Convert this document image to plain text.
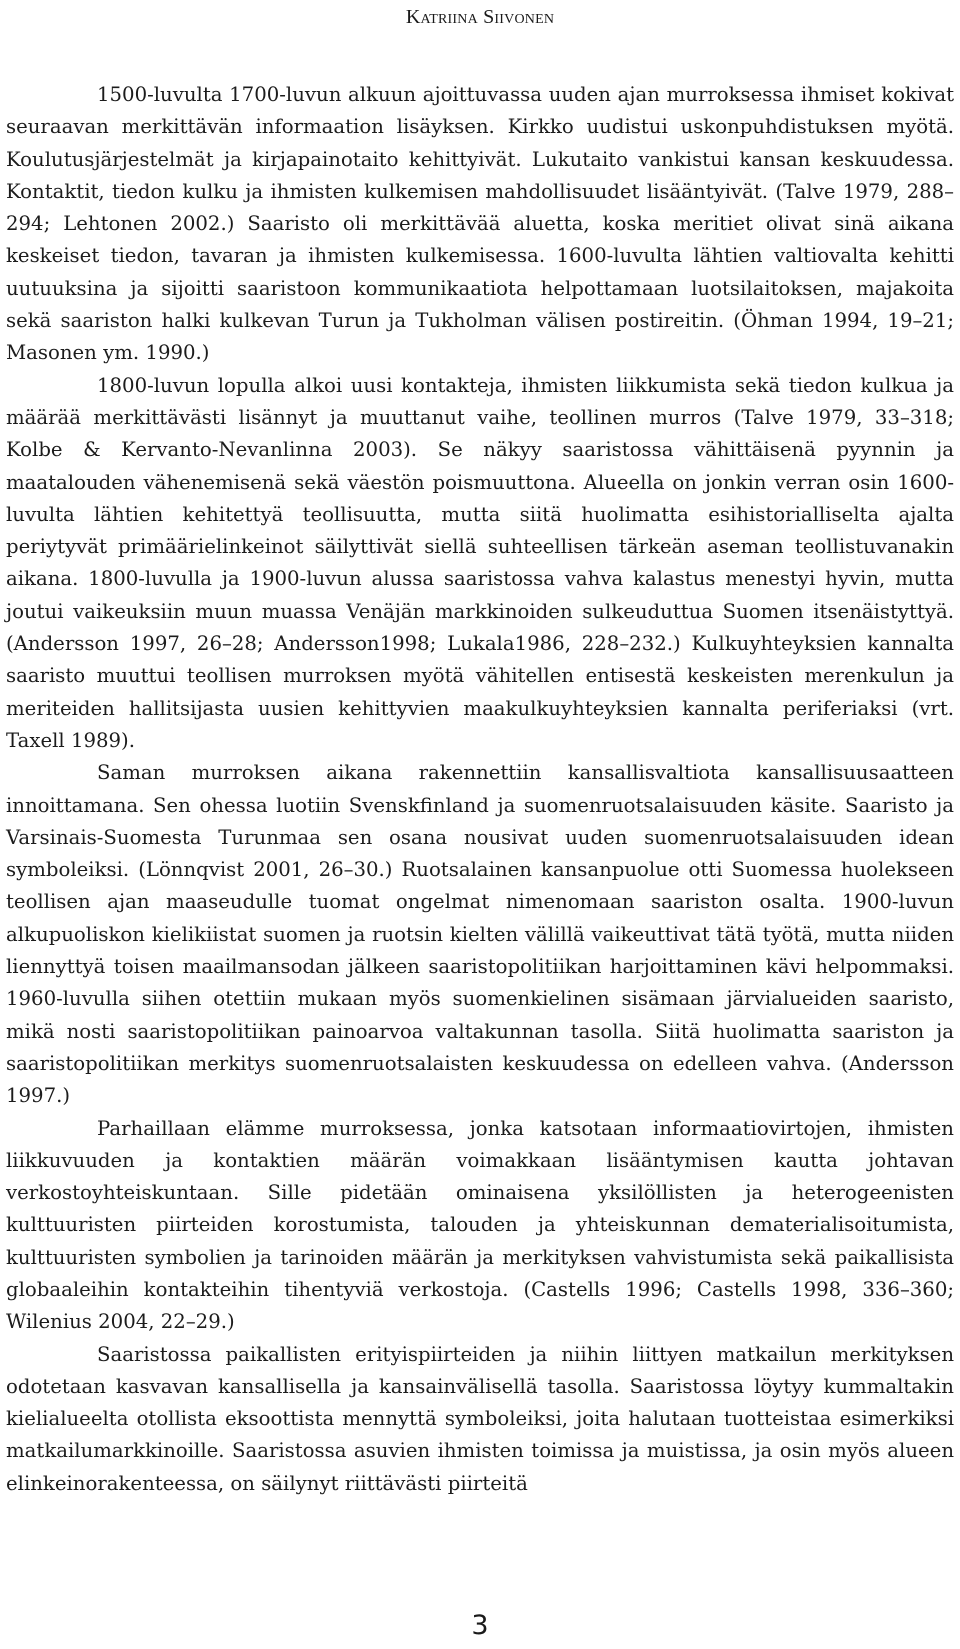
Katriina Siivonen

1500-luvulta 1700-luvun alkuun ajoittuvassa uuden ajan murroksessa ihmiset kokivat seuraavan merkittävän informaation lisäyksen. Kirkko uudistui uskonpuhdistuksen myötä. Koulutusjärjestelmät ja kirjapainotaito kehittyivät. Lukutaito vankistui kansan keskuudessa. Kontaktit, tiedon kulku ja ihmisten kulkemisen mahdollisuudet lisääntyivät. (Talve 1979, 288–294; Lehtonen 2002.) Saaristo oli merkittävää aluetta, koska meritiet olivat sinä aikana keskeiset tiedon, tavaran ja ihmisten kulkemisessa. 1600-luvulta lähtien valtiovalta kehitti uutuuksina ja sijoitti saaristoon kommunikaatiota helpottamaan luotsilaitoksen, majakoita sekä saariston halki kulkevan Turun ja Tukholman välisen postireitin. (Öhman 1994, 19–21; Masonen ym. 1990.)

1800-luvun lopulla alkoi uusi kontakteja, ihmisten liikkumista sekä tiedon kulkua ja määrää merkittävästi lisännyt ja muuttanut vaihe, teollinen murros (Talve 1979, 33–318; Kolbe & Kervanto-Nevanlinna 2003). Se näkyy saaristossa vähittäisenä pyynnin ja maatalouden vähenemisenä sekä väestön poismuuttona. Alueella on jonkin verran osin 1600-luvulta lähtien kehitettyä teollisuutta, mutta siitä huolimatta esihistorialliselta ajalta periytyvät primäärielinkeinot säilyttivät siellä suhteellisen tärkeän aseman teollistuvanakin aikana. 1800-luvulla ja 1900-luvun alussa saaristossa vahva kalastus menestyi hyvin, mutta joutui vaikeuksiin muun muassa Venäjän markkinoiden sulkeuduttua Suomen itsenäistyttyä. (Andersson 1997, 26–28; Andersson1998; Lukala1986, 228–232.) Kulkuyhteyksien kannalta saaristo muuttui teollisen murroksen myötä vähitellen entisestä keskeisten merenkulun ja meriteiden hallitsijasta uusien kehittyvien maakulkuyhteyksien kannalta periferiaksi (vrt. Taxell 1989).

Saman murroksen aikana rakennettiin kansallisvaltiota kansallisuusaatteen innoittamana. Sen ohessa luotiin Svenskfinland ja suomenruotsalaisuuden käsite. Saaristo ja Varsinais-Suomesta Turunmaa sen osana nousivat uuden suomenruotsalaisuuden idean symboleiksi. (Lönnqvist 2001, 26–30.) Ruotsalainen kansanpuolue otti Suomessa huolekseen teollisen ajan maaseudulle tuomat ongelmat nimenomaan saariston osalta. 1900-luvun alkupuoliskon kielikiistat suomen ja ruotsin kielten välillä vaikeuttivat tätä työtä, mutta niiden liennyttyä toisen maailmansodan jälkeen saaristopolitiikan harjoittaminen kävi helpommaksi. 1960-luvulla siihen otettiin mukaan myös suomenkielinen sisämaan järvialueiden saaristo, mikä nosti saaristopolitiikan painoarvoa valtakunnan tasolla. Siitä huolimatta saariston ja saaristopolitiikan merkitys suomenruotsalaisten keskuudessa on edelleen vahva. (Andersson 1997.)

Parhaillaan elämme murroksessa, jonka katsotaan informaatiovirtojen, ihmisten liikkuvuuden ja kontaktien määrän voimakkaan lisääntymisen kautta johtavan verkostoyhteiskuntaan. Sille pidetään ominaisena yksilöllisten ja heterogeenisten kulttuuristen piirteiden korostumista, talouden ja yhteiskunnan dematerialisoitumista, kulttuuristen symbolien ja tarinoiden määrän ja merkityksen vahvistumista sekä paikallisista globaaleihin kontakteihin tihentyviä verkostoja. (Castells 1996; Castells 1998, 336–360; Wilenius 2004, 22–29.)

Saaristossa paikallisten erityispiirteiden ja niihin liittyen matkailun merkityksen odotetaan kasvavan kansallisella ja kansainvälisellä tasolla. Saaristossa löytyy kummaltakin kielialueelta otollista eksoottista mennyttä symboleiksi, joita halutaan tuotteistaa esimerkiksi matkailumarkkinoille. Saaristossa asuvien ihmisten toimissa ja muistissa, ja osin myös alueen elinkeinorakenteessa, on säilynyt riittävästi piirteitä

3
